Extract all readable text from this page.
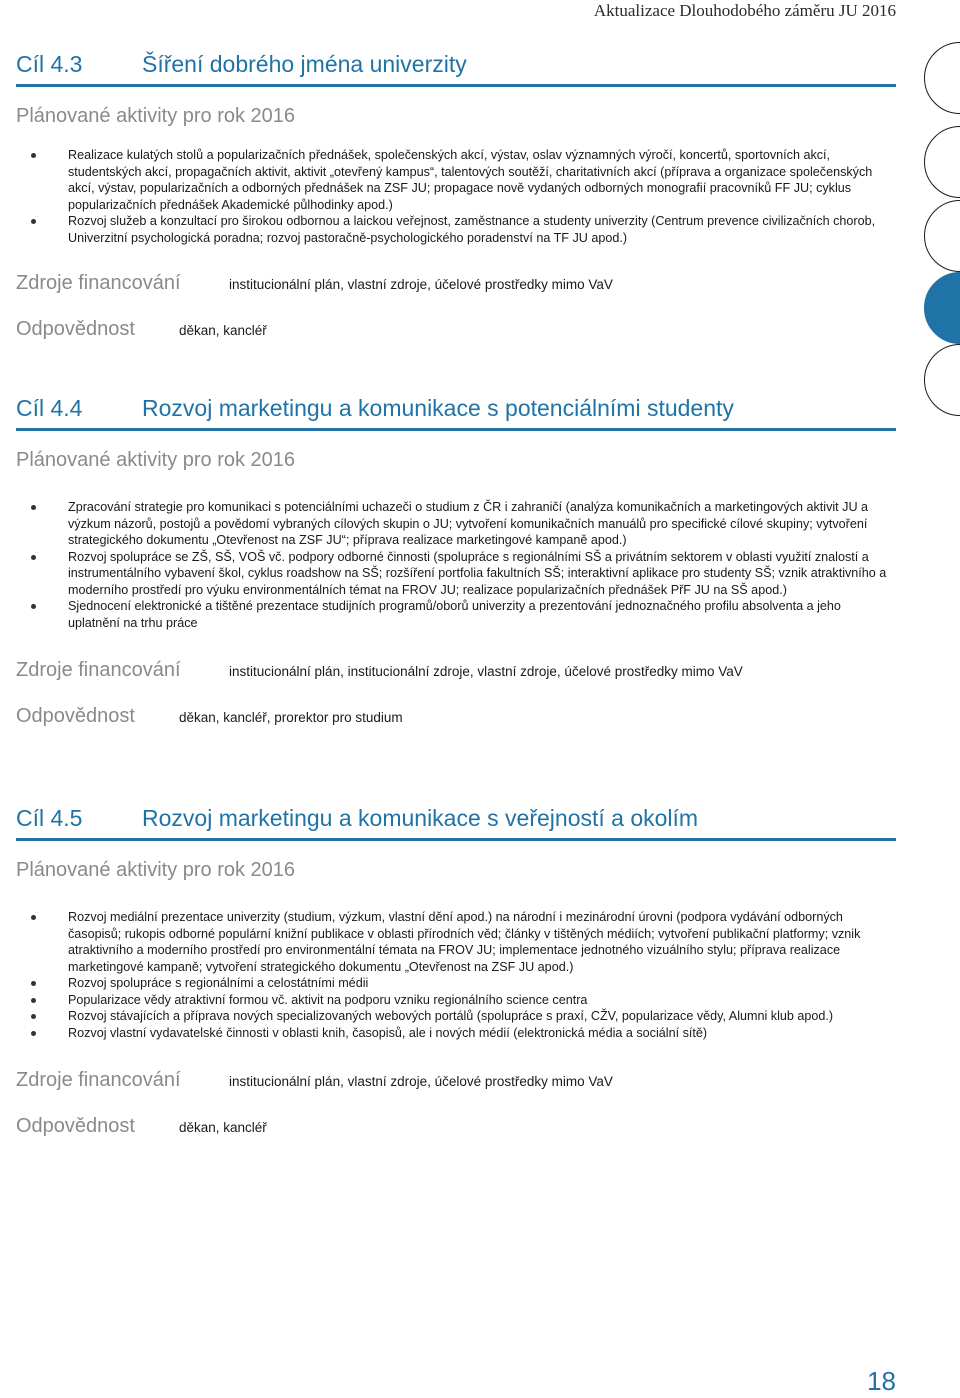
Aktualizace Dlouhodobého záměru JU 2016
Cíl 4.3	Šíření dobrého jména univerzity
Plánované aktivity pro rok 2016
Realizace kulatých stolů a popularizačních přednášek, společenských akcí, výstav, oslav významných výročí, koncertů, sportovních akcí, studentských akcí, propagačních aktivit, aktivit „otevřený kampus“, talentových soutěží, charitativních akcí (příprava a organizace společenských akcí, výstav, popularizačních a odborných přednášek na ZSF JU; propagace nově vydaných odborných monografií pracovníků FF JU; cyklus popularizačních přednášek Akademické půlhodinky apod.)
Rozvoj služeb a konzultací pro širokou odbornou a laickou veřejnost, zaměstnance a studenty univerzity (Centrum prevence civilizačních chorob, Univerzitní psychologická poradna; rozvoj pastoračně-psychologického poradenství na TF JU apod.)
Zdroje financování	institucionální plán, vlastní zdroje, účelové prostředky mimo VaV
Odpovědnost	děkan, kancléř
Cíl 4.4	Rozvoj marketingu a komunikace s potenciálními studenty
Plánované aktivity pro rok 2016
Zpracování strategie pro komunikaci s potenciálními uchazeči o studium z ČR i zahraničí (analýza komunikačních a marketingových aktivit JU a výzkum názorů, postojů a povědomí vybraných cílových skupin o JU; vytvoření komunikačních manuálů pro specifické cílové skupiny; vytvoření strategického dokumentu „Otevřenost na ZSF JU“; příprava realizace marketingové kampaně apod.)
Rozvoj spolupráce se ZŠ, SŠ, VOŠ vč. podpory odborné činnosti (spolupráce s regionálními SŠ a privátním sektorem v oblasti využití znalostí a instrumentálního vybavení škol, cyklus roadshow na SŠ; rozšíření portfolia fakultních SŠ; interaktivní aplikace pro studenty SŠ; vznik atraktivního a moderního prostředí pro výuku environmentálních témat na FROV JU; realizace popularizačních přednášek PřF JU na SŠ apod.)
Sjednocení elektronické a tištěné prezentace studijních programů/oborů univerzity a prezentování jednoznačného profilu absolventa a jeho uplatnění na trhu práce
Zdroje financování	institucionální plán, institucionální zdroje, vlastní zdroje, účelové prostředky mimo VaV
Odpovědnost	děkan, kancléř, prorektor pro studium
Cíl 4.5	Rozvoj marketingu a komunikace s veřejností a okolím
Plánované aktivity pro rok 2016
Rozvoj mediální prezentace univerzity (studium, výzkum, vlastní dění apod.) na národní i mezinárodní úrovni (podpora vydávání odborných časopisů; rukopis odborné populární knižní publikace v oblasti přírodních věd; články v tištěných médiích; vytvoření publikační platformy; vznik atraktivního a moderního prostředí pro environmentální témata na FROV JU; implementace jednotného vizuálního stylu; příprava realizace marketingové kampaně; vytvoření strategického dokumentu „Otevřenost na ZSF JU apod.)
Rozvoj spolupráce s regionálními a celostátními médii
Popularizace vědy atraktivní formou vč. aktivit na podporu vzniku regionálního science centra
Rozvoj stávajících a příprava nových specializovaných webových portálů (spolupráce s praxí, CŽV, popularizace vědy, Alumni klub apod.)
Rozvoj vlastní vydavatelské činnosti v oblasti knih, časopisů, ale i nových médií (elektronická média a sociální sítě)
Zdroje financování	institucionální plán, vlastní zdroje, účelové prostředky mimo VaV
Odpovědnost	děkan, kancléř
18
